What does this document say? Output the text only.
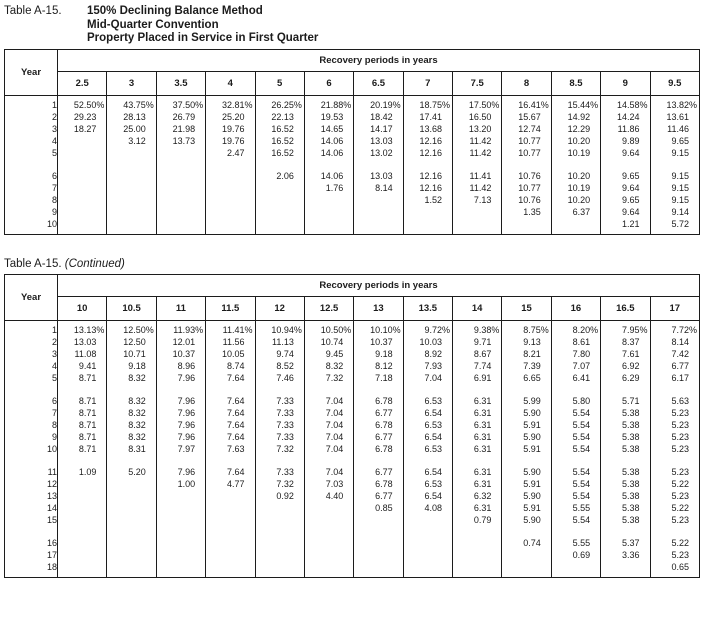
Table A-15.	150% Declining Balance Method
Mid-Quarter Convention
Property Placed in Service in First Quarter
Year	Recovery periods in years												
	2.5	3	3.5	4	5	6	6.5	7	7.5	8	8.5	9	9.5
1	52.50 %	43.75 %	37.50 %	32.81 %	26.25 %	21.88 %	20.19 %	18.75 %	17.50 %	16.41 %	15.44 %	14.58 %	13.82 %

2	29.23	28.13	26.79	25.20	22.13	19.53	18.42	17.41	16.50	15.67	14.92	14.24	13.61

3	18.27	25.00	21.98	19.76	16.52	14.65	14.17	13.68	13.20	12.74	12.29	11.86	11.46

4		3.12	13.73	19.76	16.52	14.06	13.03	12.16	11.42	10.77	10.20	9.89	9.65

5				2.47	16.52	14.06	13.02	12.16	11.42	10.77	10.19	9.64	9.15

6					2.06	14.06	13.03	12.16	11.41	10.76	10.20	9.65	9.15

7						1.76	8.14	12.16	11.42	10.77	10.19	9.64	9.15

8								1.52	7.13	10.76	10.20	9.65	9.15

9										1.35	6.37	9.64	9.14

10												1.21	5.72

Table A-15. (Continued)
Year	Recovery periods in years												
	10	10.5	11	11.5	12	12.5	13	13.5	14	15	16	16.5	17
1	13.13 %	12.50 %	11.93 %	11.41 %	10.94 %	10.50 %	10.10 %	9.72 %	9.38 %	8.75 %	8.20 %	7.95 %	7.72 %

2	13.03	12.50	12.01	11.56	11.13	10.74	10.37	10.03	9.71	9.13	8.61	8.37	8.14

3	11.08	10.71	10.37	10.05	9.74	9.45	9.18	8.92	8.67	8.21	7.80	7.61	7.42

4	9.41	9.18	8.96	8.74	8.52	8.32	8.12	7.93	7.74	7.39	7.07	6.92	6.77

5	8.71	8.32	7.96	7.64	7.46	7.32	7.18	7.04	6.91	6.65	6.41	6.29	6.17

6	8.71	8.32	7.96	7.64	7.33	7.04	6.78	6.53	6.31	5.99	5.80	5.71	5.63

7	8.71	8.32	7.96	7.64	7.33	7.04	6.77	6.54	6.31	5.90	5.54	5.38	5.23

8	8.71	8.32	7.96	7.64	7.33	7.04	6.78	6.53	6.31	5.91	5.54	5.38	5.23

9	8.71	8.32	7.96	7.64	7.33	7.04	6.77	6.54	6.31	5.90	5.54	5.38	5.23

10	8.71	8.31	7.97	7.63	7.32	7.04	6.78	6.53	6.31	5.91	5.54	5.38	5.23

11	1.09	5.20	7.96	7.64	7.33	7.04	6.77	6.54	6.31	5.90	5.54	5.38	5.23

12			1.00	4.77	7.32	7.03	6.78	6.53	6.31	5.91	5.54	5.38	5.22

13					0.92	4.40	6.77	6.54	6.32	5.90	5.54	5.38	5.23

14							0.85	4.08	6.31	5.91	5.55	5.38	5.22

15									0.79	5.90	5.54	5.38	5.23

16										0.74	5.55	5.37	5.22

17											0.69	3.36	5.23

18													0.65
